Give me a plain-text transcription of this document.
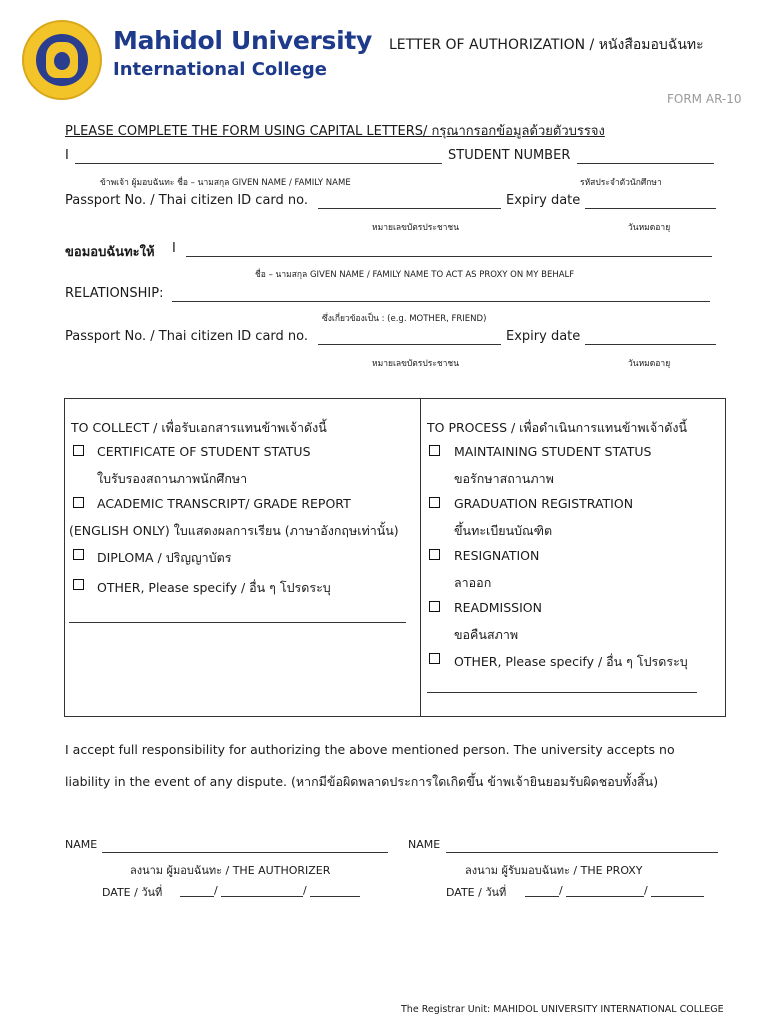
Mahidol University
International College
LETTER OF AUTHORIZATION / หนังสือมอบฉันทะ
FORM AR-10
PLEASE COMPLETE THE FORM USING CAPITAL LETTERS/ กรุณากรอกข้อมูลด้วยตัวบรรจง
I	STUDENT NUMBER
ข้าพเจ้า ผู้มอบฉันทะ ชื่อ – นามสกุล GIVEN NAME / FAMILY NAME	รหัสประจำตัวนักศึกษา
Passport No. / Thai citizen ID card no.	Expiry date
หมายเลขบัตรประชาชน	วันหมดอายุ
ขอมอบฉันทะให้ I
ชื่อ – นามสกุล GIVEN NAME / FAMILY NAME TO ACT AS PROXY ON MY BEHALF
RELATIONSHIP:
ซึ่งเกี่ยวข้องเป็น : (e.g. MOTHER, FRIEND)
Passport No. / Thai citizen ID card no.	Expiry date
หมายเลขบัตรประชาชน	วันหมดอายุ
TO COLLECT / เพื่อรับเอกสารแทนข้าพเจ้าดังนี้
CERTIFICATE OF STUDENT STATUS
ใบรับรองสถานภาพนักศึกษา
ACADEMIC TRANSCRIPT/ GRADE REPORT
(ENGLISH ONLY) ใบแสดงผลการเรียน (ภาษาอังกฤษเท่านั้น)
DIPLOMA / ปริญญาบัตร
OTHER, Please specify / อื่น ๆ โปรดระบุ
TO PROCESS / เพื่อดำเนินการแทนข้าพเจ้าดังนี้
MAINTAINING STUDENT STATUS
ขอรักษาสถานภาพ
GRADUATION REGISTRATION
ขึ้นทะเบียนบัณฑิต
RESIGNATION
ลาออก
READMISSION
ขอคืนสภาพ
OTHER, Please specify / อื่น ๆ โปรดระบุ
I accept full responsibility for authorizing the above mentioned person. The university accepts no
liability in the event of any dispute. (หากมีข้อผิดพลาดประการใดเกิดขึ้น ข้าพเจ้ายินยอมรับผิดชอบทั้งสิ้น)
NAME	NAME
ลงนาม ผู้มอบฉันทะ / THE AUTHORIZER	ลงนาม ผู้รับมอบฉันทะ / THE PROXY
DATE / วันที่	/	/	DATE / วันที่	/	/
The Registrar Unit: MAHIDOL UNIVERSITY INTERNATIONAL COLLEGE
